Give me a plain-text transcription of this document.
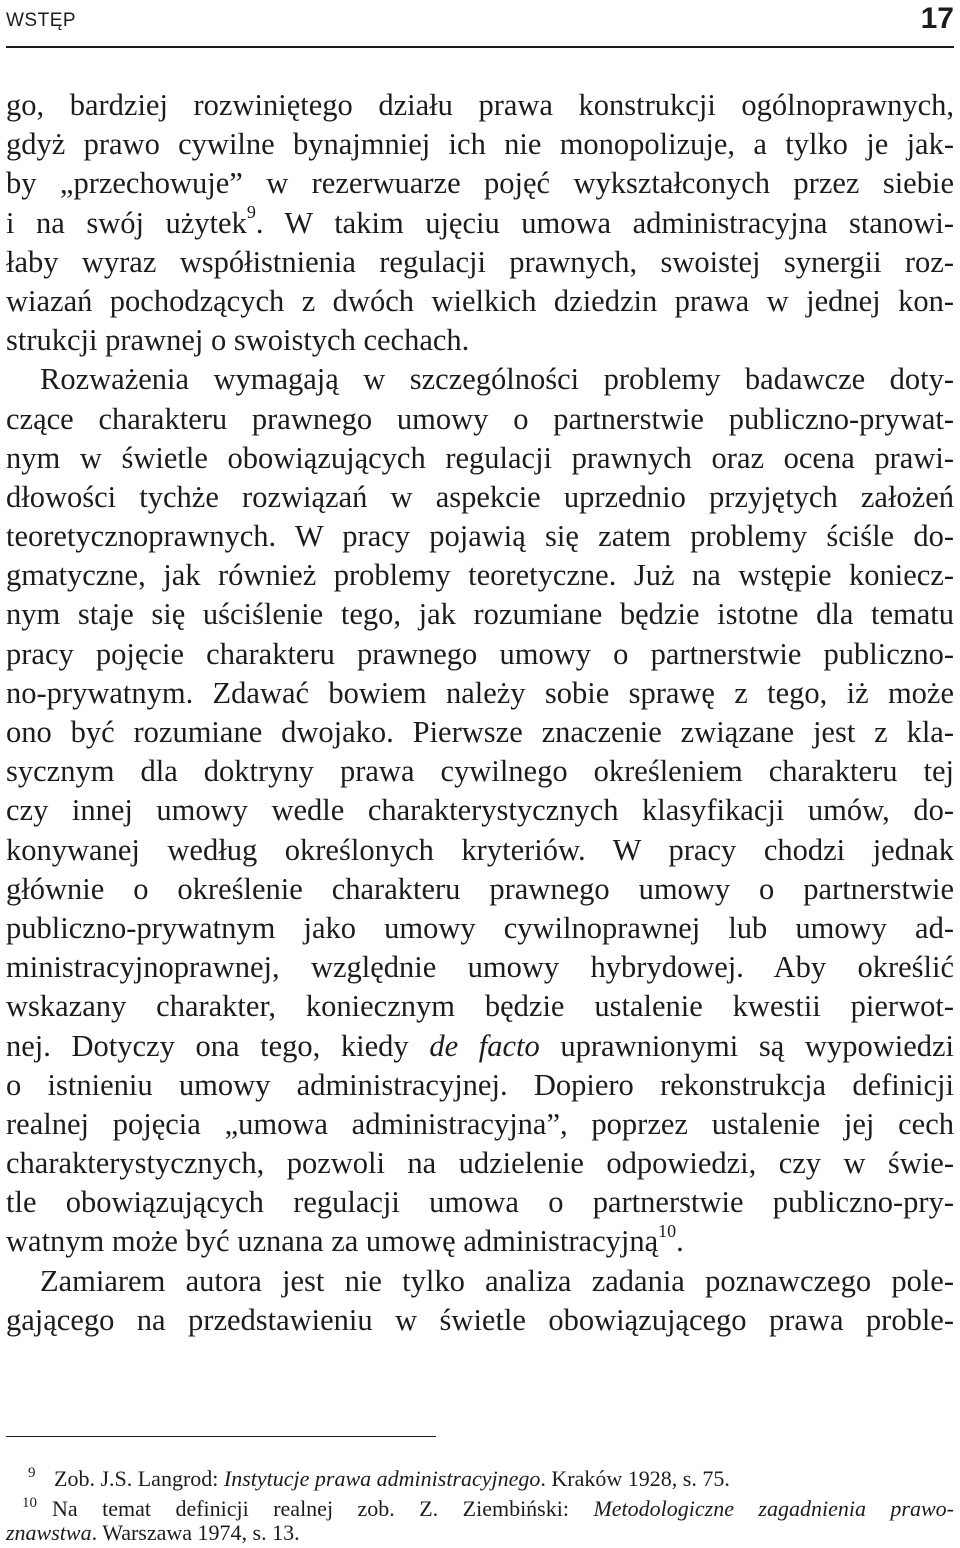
WSTĘP	17
go, bardziej rozwiniętego działu prawa konstrukcji ogólnoprawnych,
gdyż prawo cywilne bynajmniej ich nie monopolizuje, a tylko je jak-
by „przechowuje” w rezerwuarze pojęć wykształconych przez siebie
i na swój użytek$^9$. W takim ujęciu umowa administracyjna stanowi-
łaby wyraz współistnienia regulacji prawnych, swoistej synergii roz-
wiazań pochodzących z dwóch wielkich dziedzin prawa w jednej kon-
strukcji prawnej o swoistych cechach.
Rozważenia wymagają w szczególności problemy badawcze doty-
czące charakteru prawnego umowy o partnerstwie publiczno-prywat-
nym w świetle obowiązujących regulacji prawnych oraz ocena prawi-
dłowości tychże rozwiązań w aspekcie uprzednio przyjętych założeń
teoretycznoprawnych. W pracy pojawią się zatem problemy ściśle do-
gmatyczne, jak również problemy teoretyczne. Już na wstępie koniecz-
nym staje się uściślenie tego, jak rozumiane będzie istotne dla tematu
pracy pojęcie charakteru prawnego umowy o partnerstwie publiczno-
no-prywatnym. Zdawać bowiem należy sobie sprawę z tego, iż może
ono być rozumiane dwojako. Pierwsze znaczenie związane jest z kla-
sycznym dla doktryny prawa cywilnego określeniem charakteru tej
czy innej umowy wedle charakterystycznych klasyfikacji umów, do-
konywanej według określonych kryteriów. W pracy chodzi jednak
głównie o określenie charakteru prawnego umowy o partnerstwie
publiczno-prywatnym jako umowy cywilnoprawnej lub umowy ad-
ministracyjnoprawnej, względnie umowy hybrydowej. Aby określić
wskazany charakter, koniecznym będzie ustalenie kwestii pierwot-
nej. Dotyczy ona tego, kiedy de facto uprawnionymi są wypowiedzi
o istnieniu umowy administracyjnej. Dopiero rekonstrukcja definicji
realnej pojęcia „umowa administracyjna”, poprzez ustalenie jej cech
charakterystycznych, pozwoli na udzielenie odpowiedzi, czy w świe-
tle obowiązujących regulacji umowa o partnerstwie publiczno-pry-
watnym może być uznana za umowę administracyjną$^{10}$.
Zamiarem autora jest nie tylko analiza zadania poznawczego pole-
gającego na przedstawieniu w świetle obowiązującego prawa proble-
9 Zob. J.S. Langrod: Instytucje prawa administracyjnego. Kraków 1928, s. 75.
10 Na temat definicji realnej zob. Z. Ziembiński: Metodologiczne zagadnienia prawo-
znawstwa. Warszawa 1974, s. 13.
